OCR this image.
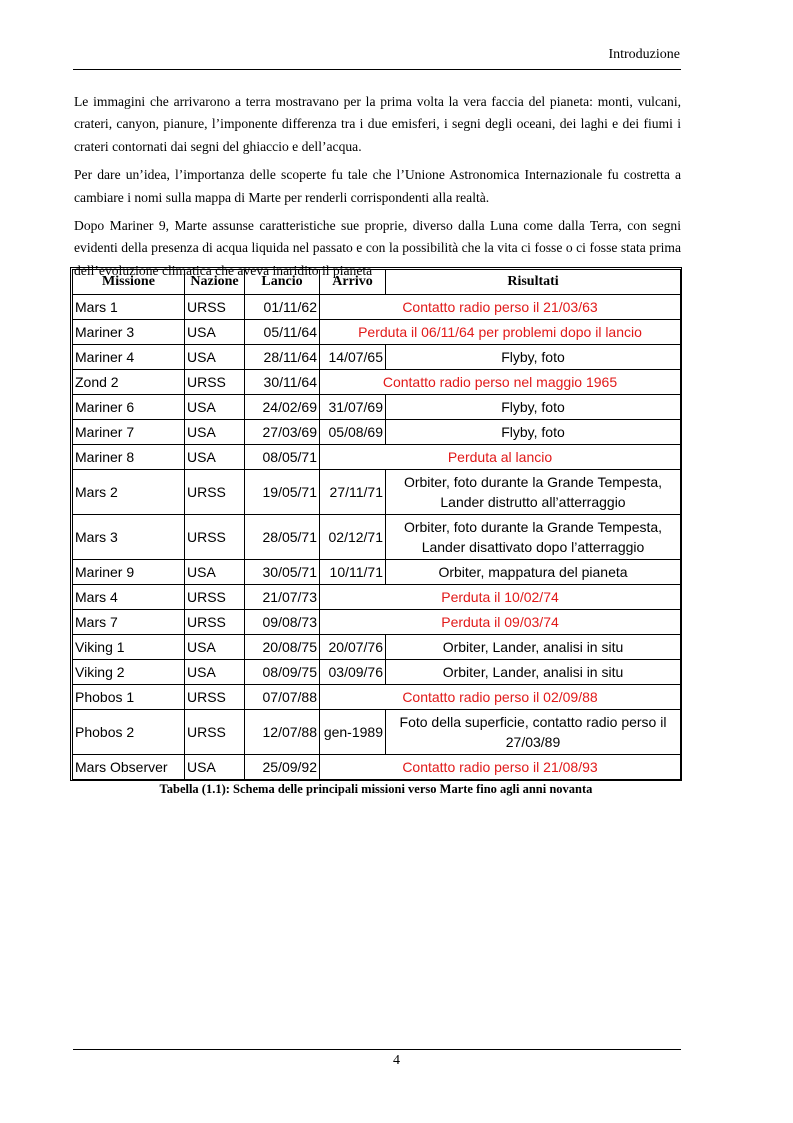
Introduzione

Le immagini che arrivarono a terra mostravano per la prima volta la vera faccia del pianeta: monti, vulcani, crateri, canyon, pianure, l’imponente differenza tra i due emisferi, i segni degli oceani, dei laghi e dei fiumi i crateri contornati dai segni del ghiaccio e dell’acqua.

Per dare un’idea, l’importanza delle scoperte fu tale che l’Unione Astronomica Internazionale fu costretta a cambiare i nomi sulla mappa di Marte per renderli corrispondenti alla realtà.

Dopo Mariner 9, Marte assunse caratteristiche sue proprie, diverso dalla Luna come dalla Terra, con segni evidenti della presenza di acqua liquida nel passato e con la possibilità che la vita ci fosse o ci fosse stata prima dell’evoluzione climatica che aveva inaridito il pianeta

Missione	Nazione	Lancio	Arrivo	Risultati
Mars 1	URSS	01/11/62	Contatto radio perso il 21/03/63	
Mariner 3	USA	05/11/64	Perduta il 06/11/64 per problemi dopo il lancio	
Mariner 4	USA	28/11/64	14/07/65	Flyby, foto
Zond 2	URSS	30/11/64	Contatto radio perso nel maggio 1965	
Mariner 6	USA	24/02/69	31/07/69	Flyby, foto
Mariner 7	USA	27/03/69	05/08/69	Flyby, foto
Mariner 8	USA	08/05/71	Perduta al lancio	
Mars 2	URSS	19/05/71	27/11/71	Orbiter, foto durante la Grande Tempesta, Lander distrutto all’atterraggio
Mars 3	URSS	28/05/71	02/12/71	Orbiter, foto durante la Grande Tempesta, Lander disattivato dopo l’atterraggio
Mariner 9	USA	30/05/71	10/11/71	Orbiter, mappatura del pianeta
Mars 4	URSS	21/07/73	Perduta il 10/02/74	
Mars 7	URSS	09/08/73	Perduta il 09/03/74	
Viking 1	USA	20/08/75	20/07/76	Orbiter, Lander, analisi in situ
Viking 2	USA	08/09/75	03/09/76	Orbiter, Lander, analisi in situ
Phobos 1	URSS	07/07/88	Contatto radio perso il 02/09/88	
Phobos 2	URSS	12/07/88	gen-1989	Foto della superficie, contatto radio perso il 27/03/89
Mars Observer	USA	25/09/92	Contatto radio perso il 21/08/93	
Tabella (1.1): Schema delle principali missioni verso Marte fino agli anni novanta
4
